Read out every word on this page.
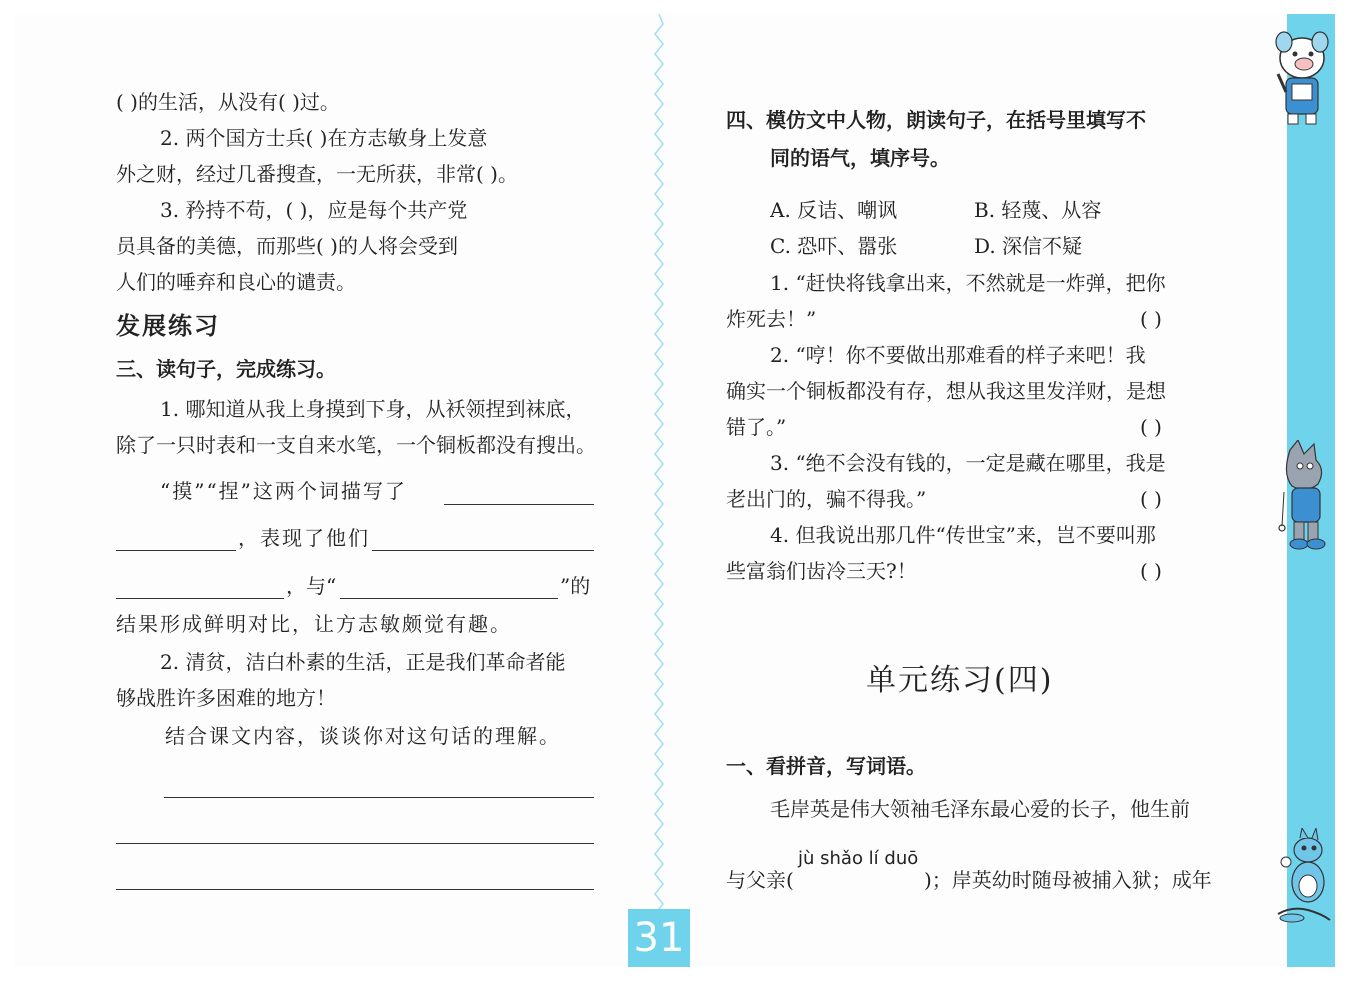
( )的生活，从没有( )过。
2. 两个国方士兵( )在方志敏身上发意
外之财，经过几番搜查，一无所获，非常( )。
3. 矜持不苟，( )，应是每个共产党
员具备的美德，而那些( )的人将会受到
人们的唾弃和良心的谴责。
发展练习
三、读句子，完成练习。
1. 哪知道从我上身摸到下身，从袄领捏到袜底，
除了一只时表和一支自来水笔，一个铜板都没有搜出。
“摸”“捏”这两个词描写了
，表现了他们
，与“	”的
结果形成鲜明对比，让方志敏颇觉有趣。
2. 清贫，洁白朴素的生活，正是我们革命者能
够战胜许多困难的地方！
结合课文内容，谈谈你对这句话的理解。
四、模仿文中人物，朗读句子，在括号里填写不
同的语气，填序号。
A. 反诘、嘲讽	B. 轻蔑、从容
C. 恐吓、嚣张	D. 深信不疑
1. “赶快将钱拿出来，不然就是一炸弹，把你
炸死去！”	( )
2. “哼！你不要做出那难看的样子来吧！我
确实一个铜板都没有存，想从我这里发洋财，是想
错了。”	( )
3. “绝不会没有钱的，一定是藏在哪里，我是
老出门的，骗不得我。”	( )
4. 但我说出那几件“传世宝”来，岂不要叫那
些富翁们齿冷三天?！	( )
单元练习(四)
一、看拼音，写词语。
毛岸英是伟大领袖毛泽东最心爱的长子，他生前
jù shǎo lí duō
与父亲(	)；岸英幼时随母被捕入狱；成年
31
